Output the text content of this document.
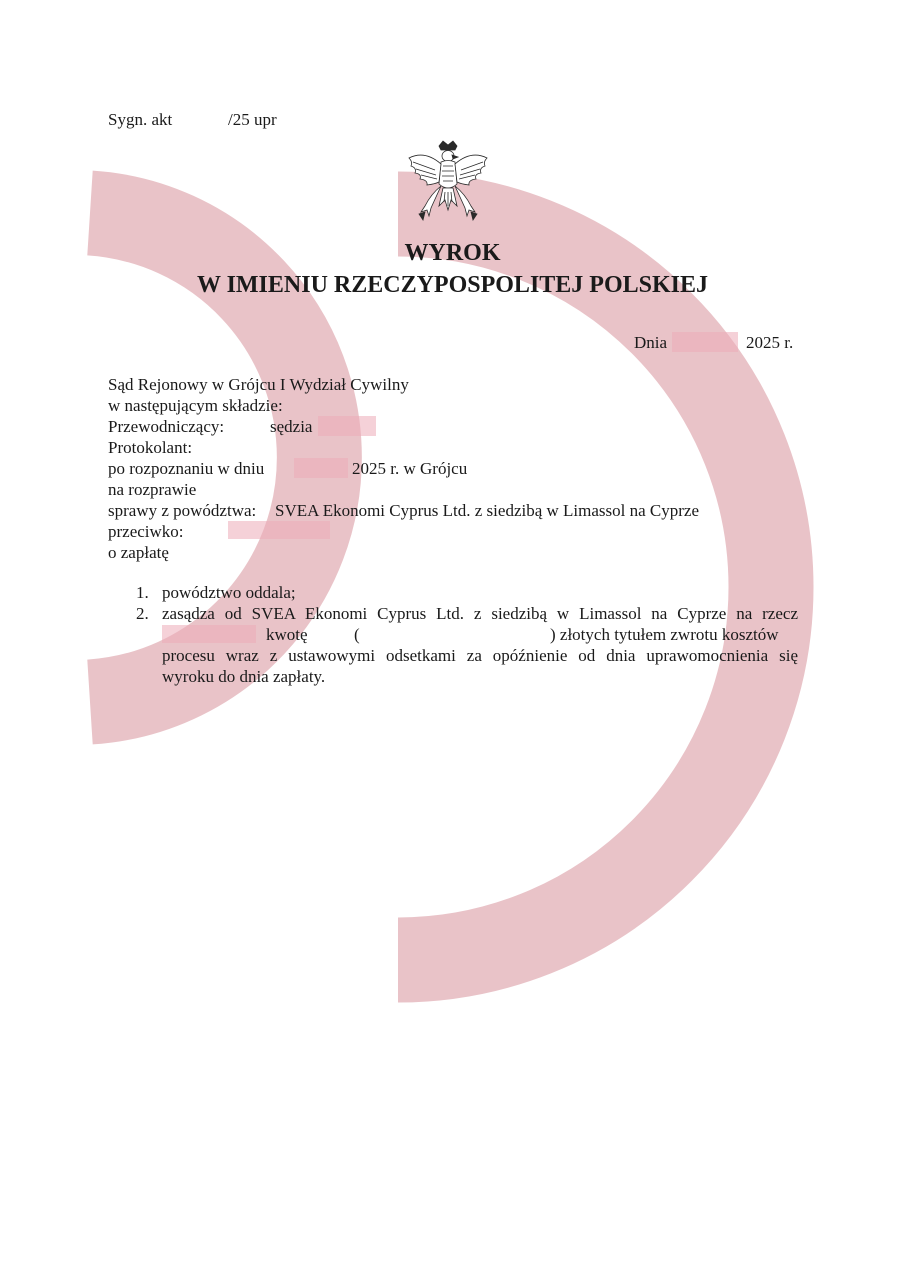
Sygn. akt	/25 upr
WYROK
W IMIENIU RZECZYPOSPOLITEJ POLSKIEJ
Dnia	2025 r.
Sąd Rejonowy w Grójcu I Wydział Cywilny
w następującym składzie:
Przewodniczący:	sędzia
Protokolant:
po rozpoznaniu w dniu	2025 r. w Grójcu
na rozprawie
sprawy z powództwa: SVEA Ekonomi Cyprus Ltd. z siedzibą w Limassol na Cyprze
przeciwko:
o zapłatę
1. powództwo oddala;
2. zasądza od SVEA Ekonomi Cyprus Ltd. z siedzibą w Limassol na Cyprze na rzecz
kwotę	(	) złotych tytułem zwrotu kosztów
procesu wraz z ustawowymi odsetkami za opóźnienie od dnia uprawomocnienia się
wyroku do dnia zapłaty.
